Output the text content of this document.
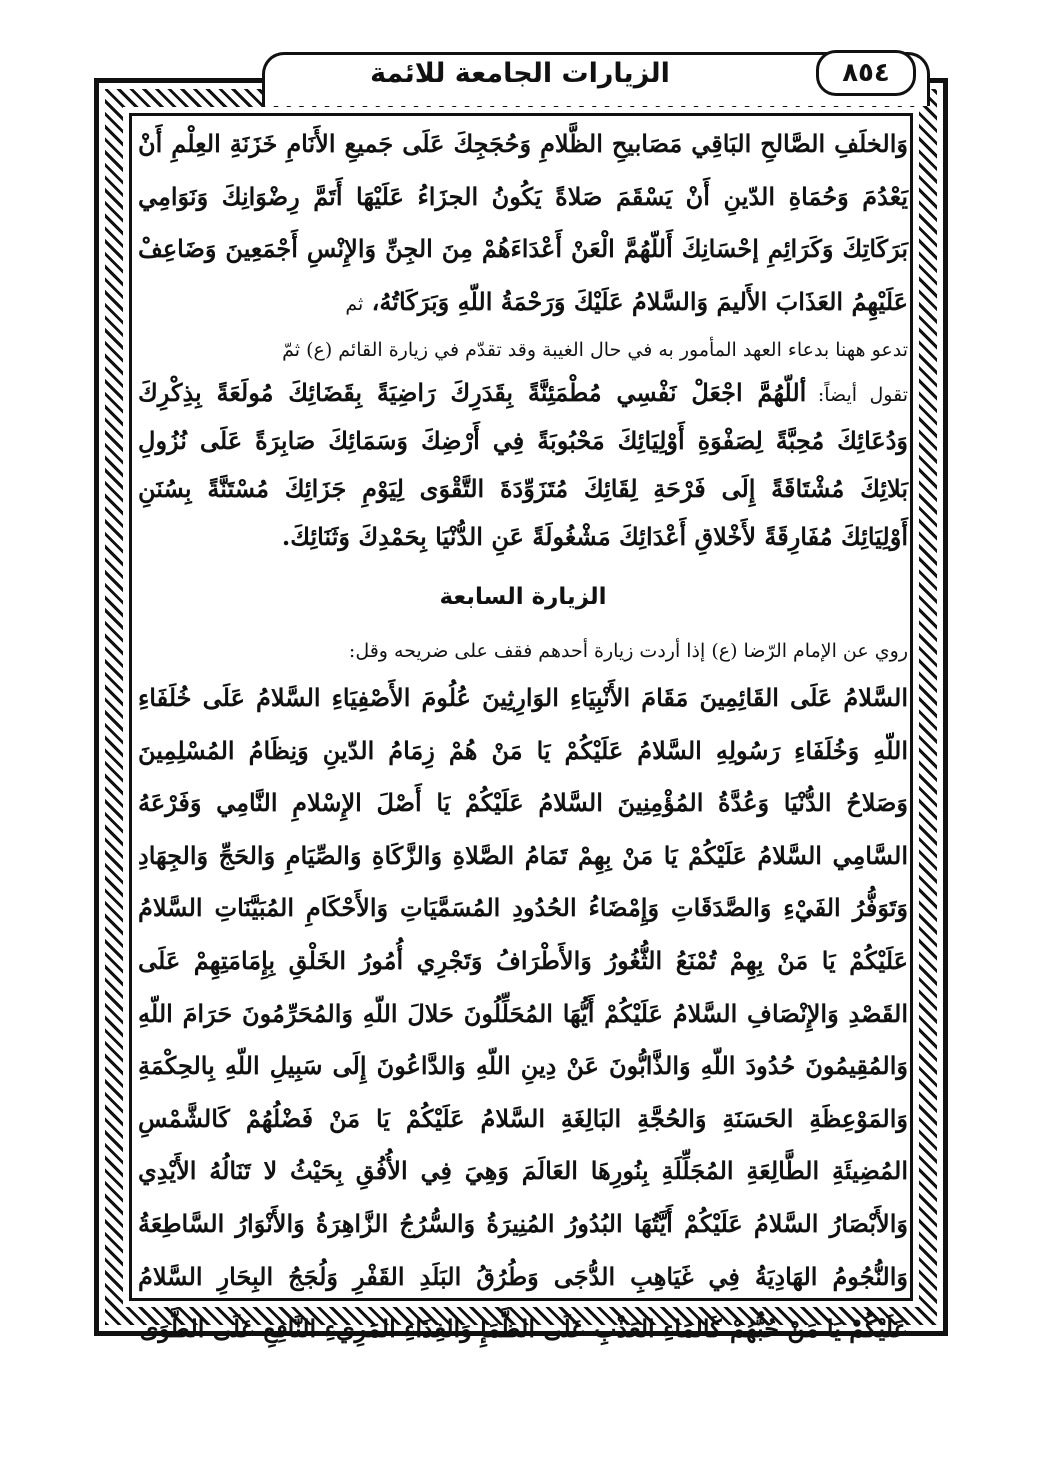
الزيارات الجامعة للائمة	٨٥٤

وَالخلَفِ الصَّالحِ البَاقِي مَصَابيحِ الظَّلامِ وَحُجَجِكَ عَلَى جَميعِ الأَنَامِ خَزَنَةِ العِلْمِ أَنْ يَعْدُمَ وَحُمَاةِ الدّينِ أَنْ يَسْقَمَ صَلاةً يَكُونُ الجزَاءُ عَلَيْهَا أَتَمَّ رِضْوَانِكَ وَنَوَامِي بَرَكَاتِكَ وَكَرَائِمِ إحْسَانِكَ أَللّهُمَّ الْعَنْ أَعْدَاءَهُمْ مِنَ الجِنِّ وَالإِنْسِ أَجْمَعِينَ وَضَاعِفْ عَلَيْهِمُ العَذَابَ الأَليمَ وَالسَّلامُ عَلَيْكَ وَرَحْمَةُ اللّهِ وَبَرَكَاتُهُ، ثم

تدعو ههنا بدعاء العهد المأمور به في حال الغيبة وقد تقدّم في زيارة القائم (ع) ثمّ

تقول أيضاً: أللّهُمَّ اجْعَلْ نَفْسِي مُطْمَئِنَّةً بِقَدَرِكَ رَاضِيَةً بِقَضَائِكَ مُولَعَةً بِذِكْرِكَ وَدُعَائِكَ مُحِبَّةً لِصَفْوَةِ أَوْلِيَائِكَ مَحْبُوبَةً فِي أَرْضِكَ وَسَمَائِكَ صَابِرَةً عَلَى نُزُولِ بَلائِكَ مُشْتَاقَةً إِلَى فَرْحَةِ لِقَائِكَ مُتَزَوِّدَةَ التَّقْوَى لِيَوْمِ جَزَائِكَ مُسْتَنَّةً بِسُنَنِ أَوْلِيَائِكَ مُفَارِقَةً لأَخْلاقِ أَعْدَائِكَ مَشْغُولَةً عَنِ الدُّنْيَا بِحَمْدِكَ وَثَنَائِكَ.

الزيارة السابعة

روي عن الإمام الرّضا (ع) إذا أردت زيارة أحدهم فقف على ضريحه وقل:

السَّلامُ عَلَى القَائِمِينَ مَقَامَ الأَنْبِيَاءِ الوَارِثِينَ عُلُومَ الأَصْفِيَاءِ السَّلامُ عَلَى خُلَفَاءِ اللّهِ وَخُلَفَاءِ رَسُولِهِ السَّلامُ عَلَيْكُمْ يَا مَنْ هُمْ زِمَامُ الدّينِ وَنِظَامُ المُسْلِمِينَ وَصَلاحُ الدُّنْيَا وَعُدَّةُ المُؤْمِنِينَ السَّلامُ عَلَيْكُمْ يَا أَصْلَ الإِسْلامِ النَّامِي وَفَرْعَهُ السَّامِي السَّلامُ عَلَيْكُمْ يَا مَنْ بِهِمْ تَمَامُ الصَّلاةِ وَالزَّكَاةِ وَالصِّيَامِ وَالحَجِّ وَالجِهَادِ وَتَوَفُّرُ الفَيْءِ وَالصَّدَقَاتِ وَإِمْضَاءُ الحُدُودِ المُسَمَّيَاتِ وَالأَحْكَامِ المُبَيَّنَاتِ السَّلامُ عَلَيْكُمْ يَا مَنْ بِهِمْ تُمْنَعُ الثُّغُورُ وَالأَطْرَافُ وَتَجْرِي أُمُورُ الخَلْقِ بِإِمَامَتِهِمْ عَلَى القَصْدِ وَالإِنْصَافِ السَّلامُ عَلَيْكُمْ أَيُّهَا المُحَلِّلُونَ حَلالَ اللّهِ وَالمُحَرِّمُونَ حَرَامَ اللّهِ وَالمُقِيمُونَ حُدُودَ اللّهِ وَالذَّابُّونَ عَنْ دِينِ اللّهِ وَالدَّاعُونَ إِلَى سَبِيلِ اللّهِ بِالحِكْمَةِ وَالمَوْعِظَةِ الحَسَنَةِ وَالحُجَّةِ البَالِغَةِ السَّلامُ عَلَيْكُمْ يَا مَنْ فَضْلُهُمْ كَالشَّمْسِ المُضِيئَةِ الطَّالِعَةِ المُجَلِّلَةِ بِنُورِهَا العَالَمَ وَهِيَ فِي الأُفُقِ بِحَيْثُ لا تَنَالُهُ الأَيْدِي وَالأَبْصَارُ السَّلامُ عَلَيْكُمْ أَيَّتُهَا البُدُورُ المُنِيرَةُ وَالسُّرُجُ الزَّاهِرَةُ وَالأَنْوَارُ السَّاطِعَةُ وَالنُّجُومُ الهَادِيَةُ فِي غَيَاهِبِ الدُّجَى وَطُرُقُ البَلَدِ القَفْرِ وَلُجَجُ البِحَارِ السَّلامُ عَلَيْكُمْ يَا مَنْ حُبُّهُمْ كَالمَاءِ العَذْبِ عَلَى الظَّمَإِ وَالغِذَاءِ المَرِيءِ النَّافِعِ عَلَى الطَّوَى
